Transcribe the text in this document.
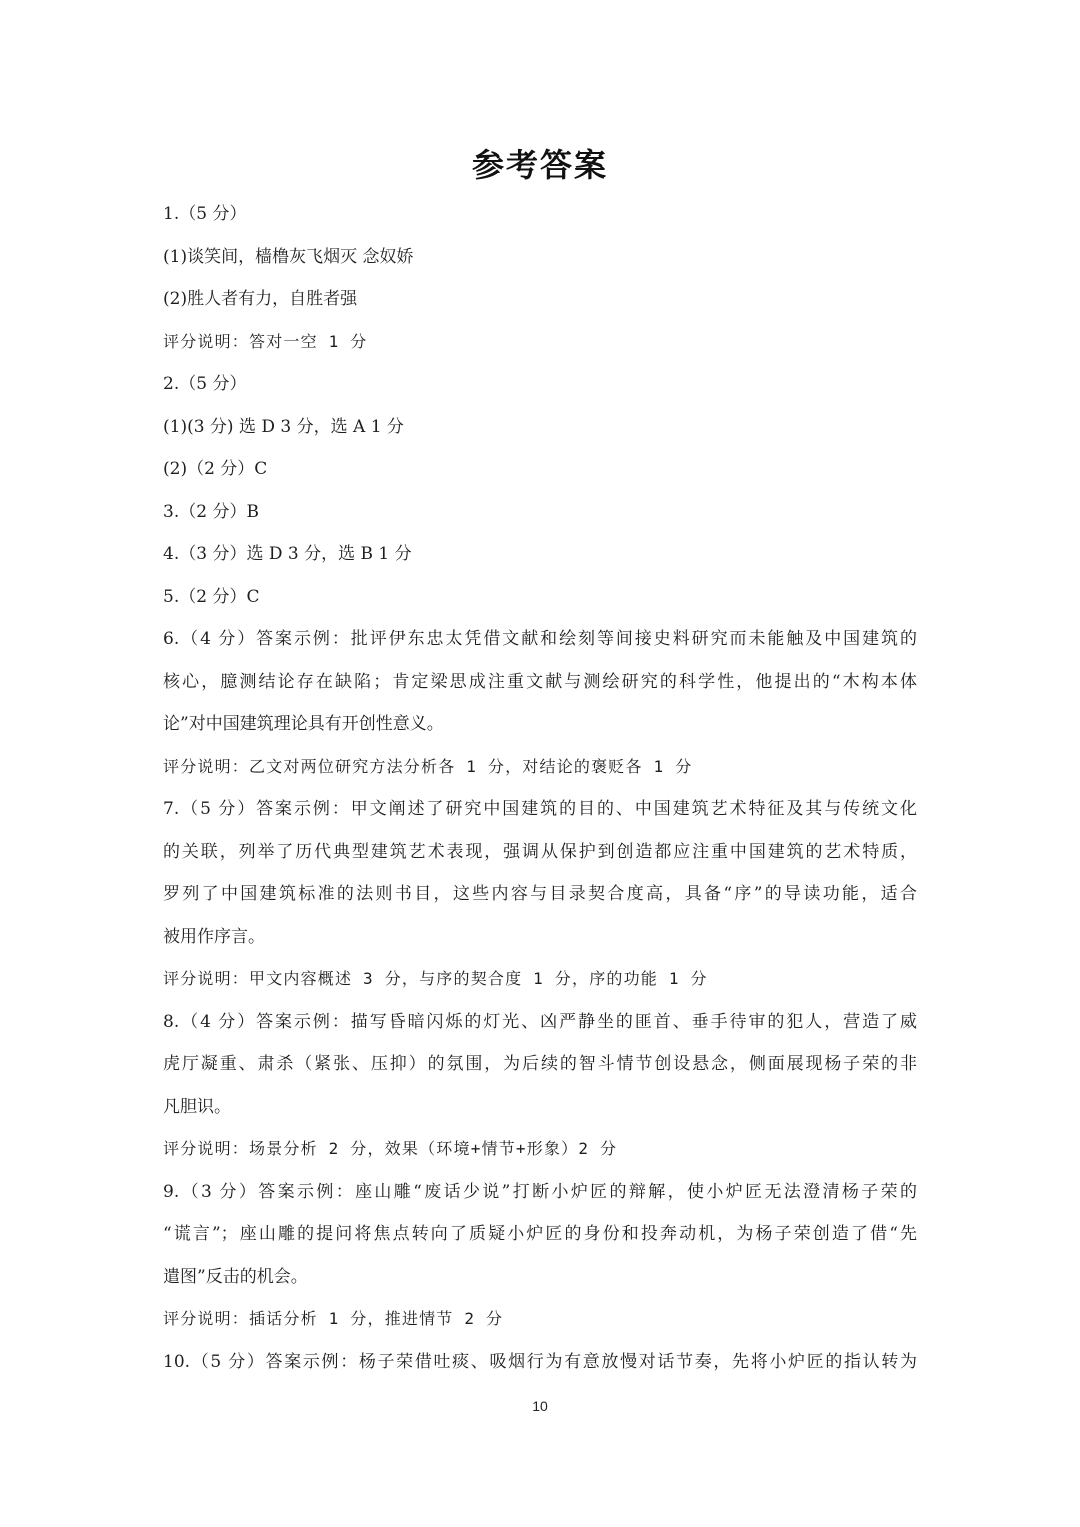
参考答案
1.（5 分）
(1)谈笑间，樯橹灰飞烟灭 念奴娇
(2)胜人者有力，自胜者强
评分说明：答对一空 1 分
2.（5 分）
(1)(3 分) 选 D 3 分，选 A 1 分
(2)（2 分）C
3.（2 分）B
4.（3 分）选 D 3 分，选 B 1 分
5.（2 分）C
6.（4 分）答案示例：批评伊东忠太凭借文献和绘刻等间接史料研究而未能触及中国建筑的
核心，臆测结论存在缺陷；肯定梁思成注重文献与测绘研究的科学性，他提出的“木构本体
论”对中国建筑理论具有开创性意义。
评分说明：乙文对两位研究方法分析各 1 分，对结论的褒贬各 1 分
7.（5 分）答案示例：甲文阐述了研究中国建筑的目的、中国建筑艺术特征及其与传统文化
的关联，列举了历代典型建筑艺术表现，强调从保护到创造都应注重中国建筑的艺术特质，
罗列了中国建筑标准的法则书目，这些内容与目录契合度高，具备“序”的导读功能，适合
被用作序言。
评分说明：甲文内容概述 3 分，与序的契合度 1 分，序的功能 1 分
8.（4 分）答案示例：描写昏暗闪烁的灯光、凶严静坐的匪首、垂手待审的犯人，营造了威
虎厅凝重、肃杀（紧张、压抑）的氛围，为后续的智斗情节创设悬念，侧面展现杨子荣的非
凡胆识。
评分说明：场景分析 2 分，效果（环境+情节+形象）2 分
9.（3 分）答案示例：座山雕“废话少说”打断小炉匠的辩解，使小炉匠无法澄清杨子荣的
“谎言”；座山雕的提问将焦点转向了质疑小炉匠的身份和投奔动机，为杨子荣创造了借“先
遣图”反击的机会。
评分说明：插话分析 1 分，推进情节 2 分
10.（5 分）答案示例：杨子荣借吐痰、吸烟行为有意放慢对话节奏，先将小炉匠的指认转为
10
